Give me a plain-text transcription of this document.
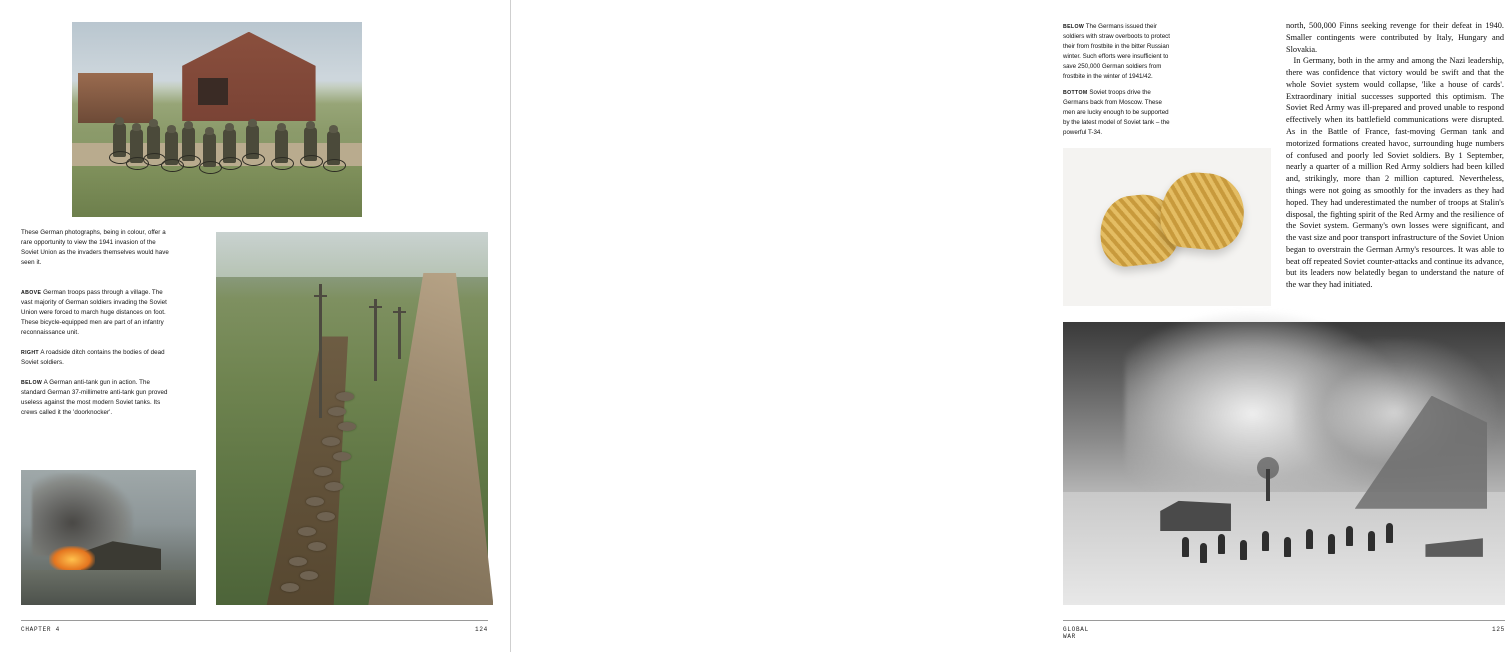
These German photographs, being in colour, offer a rare opportunity to view the 1941 invasion of the Soviet Union as the invaders themselves would have seen it.
ABOVE German troops pass through a village. The vast majority of German soldiers invading the Soviet Union were forced to march huge distances on foot. These bicycle-equipped men are part of an infantry reconnaissance unit.
RIGHT A roadside ditch contains the bodies of dead Soviet soldiers.
BELOW A German anti-tank gun in action. The standard German 37-millimetre anti-tank gun proved useless against the most modern Soviet tanks. Its crews called it the 'doorknocker'.
CHAPTER 4	124
BELOW The Germans issued their soldiers with straw overboots to protect their from frostbite in the bitter Russian winter. Such efforts were insufficient to save 250,000 German soldiers from frostbite in the winter of 1941/42.
BOTTOM Soviet troops drive the Germans back from Moscow. These men are lucky enough to be supported by the latest model of Soviet tank – the powerful T-34.

north, 500,000 Finns seeking revenge for their defeat in 1940. Smaller contingents were contributed by Italy, Hungary and Slovakia.

In Germany, both in the army and among the Nazi leadership, there was confidence that victory would be swift and that the whole Soviet system would collapse, 'like a house of cards'. Extraordinary initial successes supported this optimism. The Soviet Red Army was ill-prepared and proved unable to respond effectively when its battlefield communications were disrupted. As in the Battle of France, fast-moving German tank and motorized formations created havoc, surrounding huge numbers of confused and poorly led Soviet soldiers. By 1 September, nearly a quarter of a million Red Army soldiers had been killed and, strikingly, more than 2 million captured. Nevertheless, things were not going as smoothly for the invaders as they had hoped. They had underestimated the number of troops at Stalin's disposal, the fighting spirit of the Red Army and the resilience of the Soviet system. Germany's own losses were significant, and the vast size and poor transport infrastructure of the Soviet Union began to overstrain the German Army's resources. It was able to beat off repeated Soviet counter-attacks and continue its advance, but its leaders now belatedly began to understand the nature of the war they had initiated.

GLOBAL WAR
125
